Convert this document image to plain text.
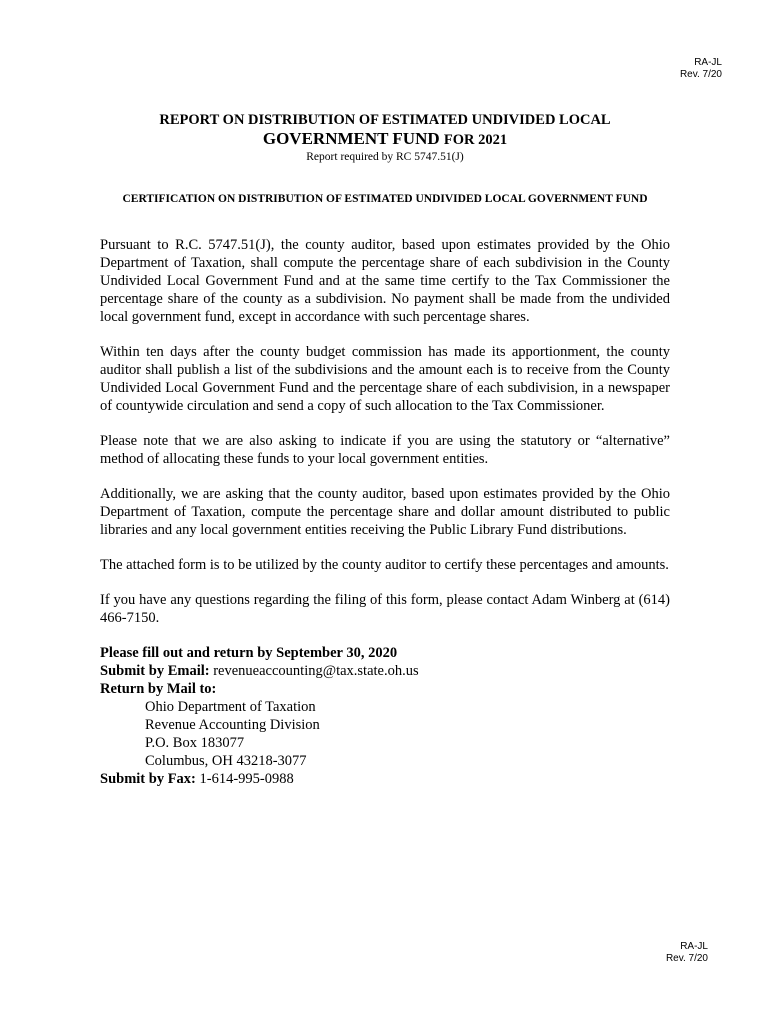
RA-JL
Rev. 7/20
REPORT ON DISTRIBUTION OF ESTIMATED UNDIVIDED LOCAL
GOVERNMENT FUND FOR 2021
Report required by RC 5747.51(J)
CERTIFICATION ON DISTRIBUTION OF ESTIMATED UNDIVIDED LOCAL GOVERNMENT FUND

Pursuant to R.C. 5747.51(J), the county auditor, based upon estimates provided by the Ohio Department of Taxation, shall compute the percentage share of each subdivision in the County Undivided Local Government Fund and at the same time certify to the Tax Commissioner the percentage share of the county as a subdivision. No payment shall be made from the undivided local government fund, except in accordance with such percentage shares.

Within ten days after the county budget commission has made its apportionment, the county auditor shall publish a list of the subdivisions and the amount each is to receive from the County Undivided Local Government Fund and the percentage share of each subdivision, in a newspaper of countywide circulation and send a copy of such allocation to the Tax Commissioner.

Please note that we are also asking to indicate if you are using the statutory or “alternative” method of allocating these funds to your local government entities.

Additionally, we are asking that the county auditor, based upon estimates provided by the Ohio Department of Taxation, compute the percentage share and dollar amount distributed to public libraries and any local government entities receiving the Public Library Fund distributions.

The attached form is to be utilized by the county auditor to certify these percentages and amounts.

If you have any questions regarding the filing of this form, please contact Adam Winberg at (614) 466-7150.

Please fill out and return by September 30, 2020
Submit by Email: revenueaccounting@tax.state.oh.us
Return by Mail to:
Ohio Department of Taxation
Revenue Accounting Division
P.O. Box 183077
Columbus, OH 43218-3077
Submit by Fax: 1-614-995-0988
RA-JL
Rev. 7/20
